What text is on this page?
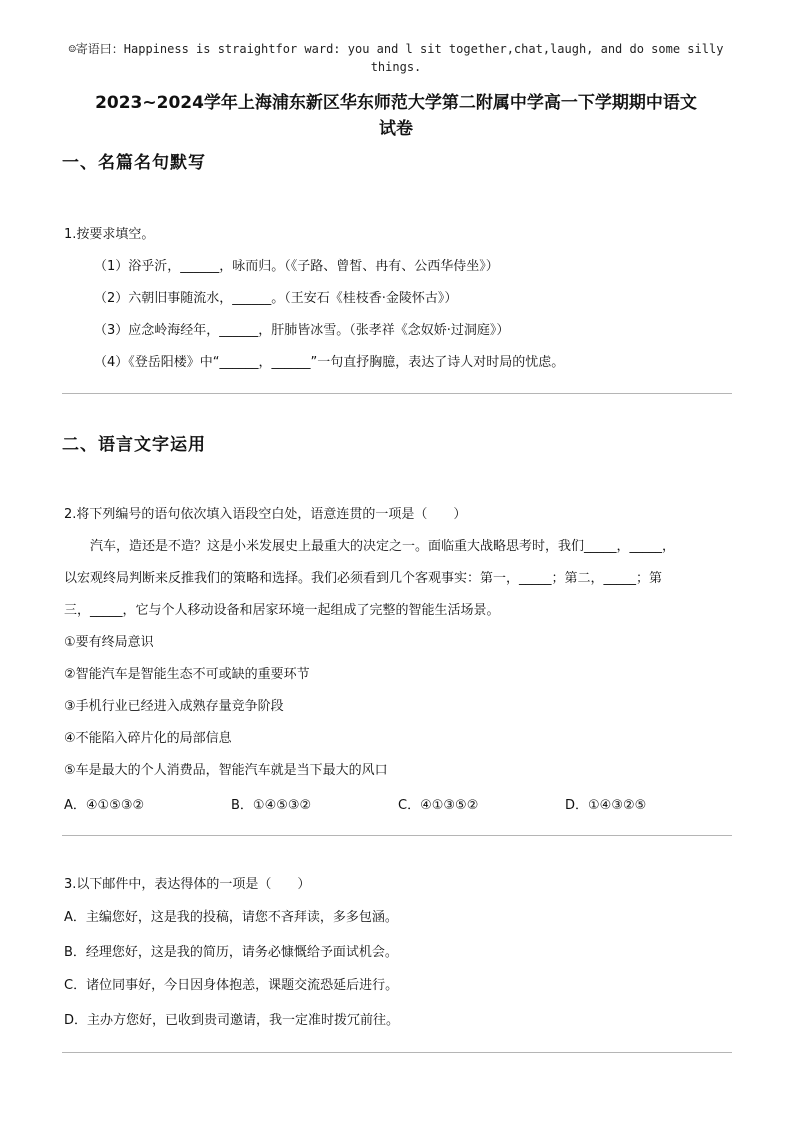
☺寄语曰：Happiness is straightfor ward: you and l sit together,chat,laugh, and do some silly
things.
2023~2024学年上海浦东新区华东师范大学第二附属中学高一下学期期中语文
试卷
一、名篇名句默写
1.按要求填空。
（1）浴乎沂，______，咏而归。（《子路、曾皙、冉有、公西华侍坐》）
（2）六朝旧事随流水，______。（王安石《桂枝香·金陵怀古》）
（3）应念岭海经年，______，肝肺皆冰雪。（张孝祥《念奴娇·过洞庭》）
（4）《登岳阳楼》中“______，______”一句直抒胸臆，表达了诗人对时局的忧虑。
二、语言文字运用
2.将下列编号的语句依次填入语段空白处，语意连贯的一项是（　　）
汽车，造还是不造？这是小米发展史上最重大的决定之一。面临重大战略思考时，我们_____，_____，
以宏观终局判断来反推我们的策略和选择。我们必须看到几个客观事实：第一，_____；第二，_____；第
三，_____，它与个人移动设备和居家环境一起组成了完整的智能生活场景。
①要有终局意识
②智能汽车是智能生态不可或缺的重要环节
③手机行业已经进入成熟存量竞争阶段
④不能陷入碎片化的局部信息
⑤车是最大的个人消费品，智能汽车就是当下最大的风口
A．④①⑤③②	B．①④⑤③②	C．④①③⑤②	D．①④③②⑤
3.以下邮件中，表达得体的一项是（　　）
A．主编您好，这是我的投稿，请您不吝拜读，多多包涵。
B．经理您好，这是我的简历，请务必慷慨给予面试机会。
C．诸位同事好，今日因身体抱恙，课题交流恐延后进行。
D．主办方您好，已收到贵司邀请，我一定准时拨冗前往。
